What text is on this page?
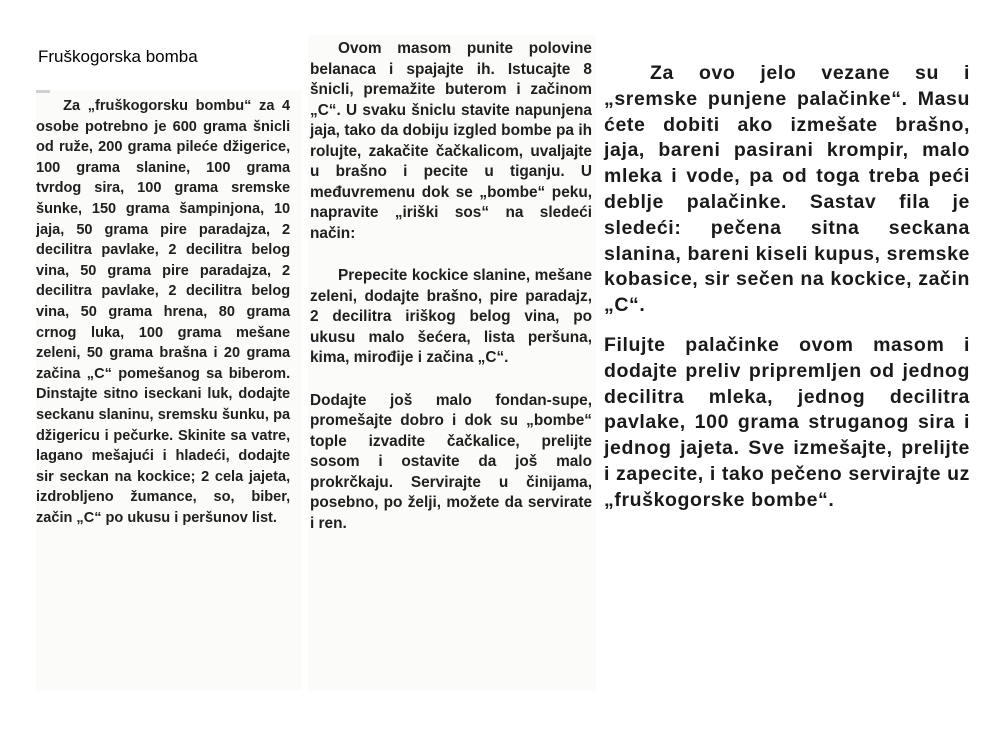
Fruškogorska bomba

Za „fruškogorsku bombu“ za 4 osobe potrebno je 600 grama šnicli od ruže, 200 grama pileće džigerice, 100 grama slanine, 100 grama tvrdog sira, 100 grama sremske šunke, 150 grama šampinjona, 10 jaja, 50 grama pire paradajza, 2 decilitra pavlake, 2 decilitra belog vina, 50 grama pire paradajza, 2 decilitra pavlake, 2 decilitra belog vina, 50 grama hrena, 80 grama crnog luka, 100 grama mešane zeleni, 50 grama brašna i 20 grama začina „C“ pomešanog sa biberom. Dinstajte sitno iseckani luk, dodajte seckanu slaninu, sremsku šunku, pa džigericu i pečurke. Skinite sa vatre, lagano mešajući i hladeći, dodajte sir seckan na kockice; 2 cela jajeta, izdrobljeno žumance, so, biber, začin „C“ po ukusu i peršunov list.

Ovom masom punite polovine belanaca i spajajte ih. Istucajte 8 šnicli, premažite buterom i začinom „C“. U svaku šniclu stavite napunjena jaja, tako da dobiju izgled bombe pa ih rolujte, zakačite čačkalicom, uvaljajte u brašno i pecite u tiganju. U međuvremenu dok se „bombe“ peku, napravite „iriški sos“ na sledeći način:

Prepecite kockice slanine, mešane zeleni, dodajte brašno, pire paradajz, 2 decilitra iriškog belog vina, po ukusu malo šećera, lista peršuna, kima, mirođije i začina „C“.

Dodajte još malo fondan-supe, promešajte dobro i dok su „bombe“ tople izvadite čačkalice, prelijte sosom i ostavite da još malo prokrčkaju. Servirajte u činijama, posebno, po želji, možete da servirate i ren.

Za ovo jelo vezane su i „sremske punjene palačinke“. Masu ćete dobiti ako izmešate brašno, jaja, bareni pasirani krompir, malo mleka i vode, pa od toga treba peći deblje palačinke. Sastav fila je sledeći: pečena sitna seckana slanina, bareni kiseli kupus, sremske kobasice, sir sečen na kockice, začin „C“.

Filujte palačinke ovom masom i dodajte preliv pripremljen od jednog decilitra mleka, jednog decilitra pavlake, 100 grama struganog sira i jednog jajeta. Sve izmešajte, prelijte i zapecite, i tako pečeno servirajte uz „fruškogorske bombe“.
